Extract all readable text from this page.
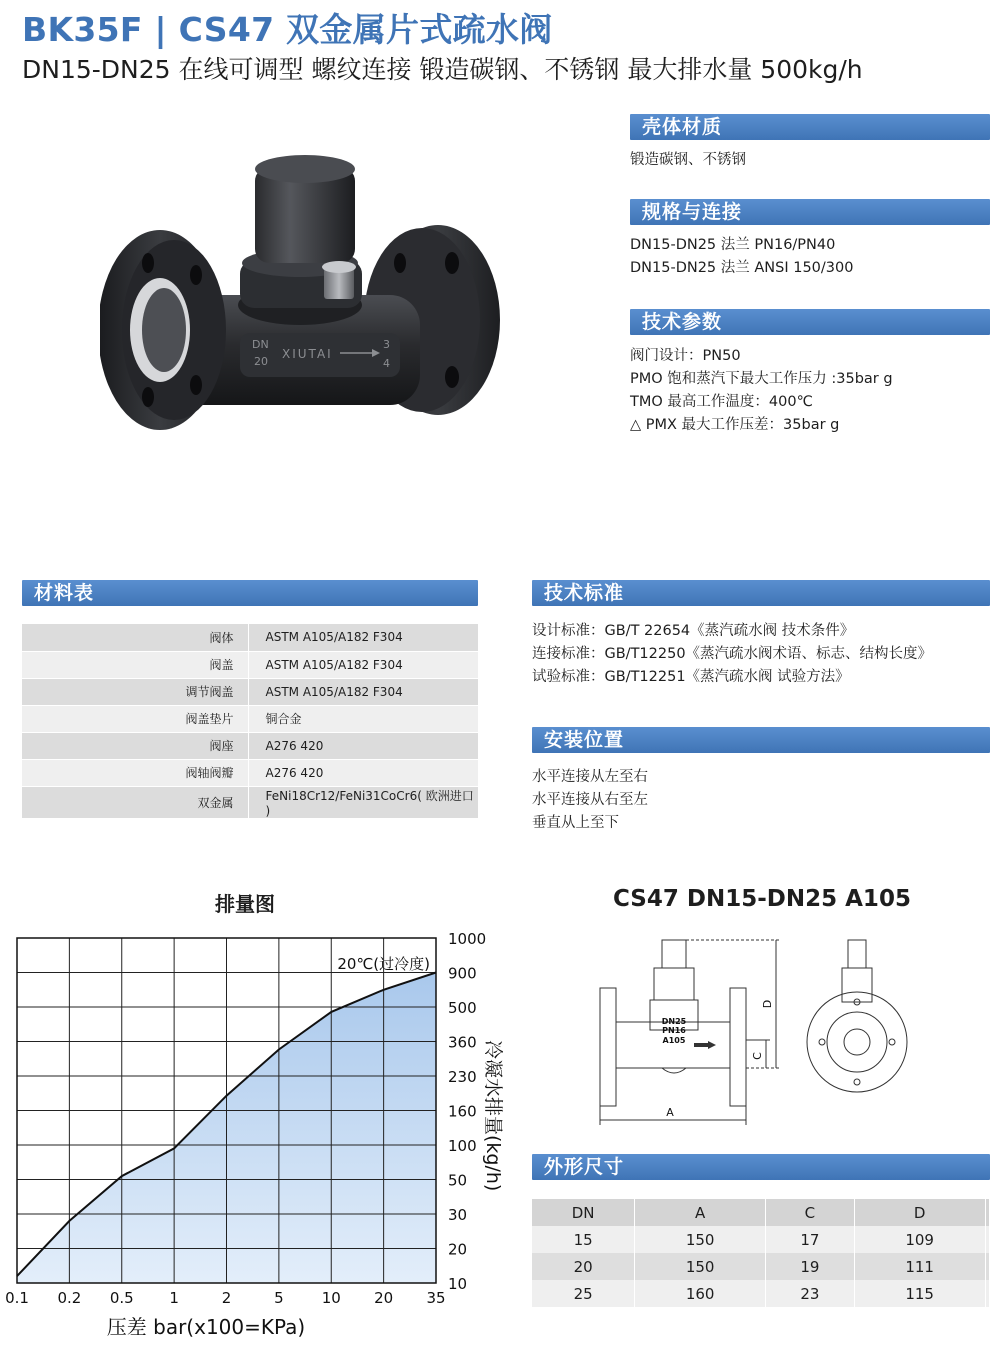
BK35F | CS47 双金属片式疏水阀
DN15-DN25 在线可调型 螺纹连接 锻造碳钢、不锈钢 最大排水量 500kg/h
DN
20
XIUTAI
3
4
壳体材质
锻造碳钢、不锈钢
规格与连接
DN15-DN25 法兰 PN16/PN40
DN15-DN25 法兰 ANSI 150/300
技术参数
阀门设计：PN50
PMO 饱和蒸汽下最大工作压力 :35bar g
TMO 最高工作温度：400℃
△ PMX 最大工作压差：35bar g
材料表
阀体	ASTM A105/A182 F304
阀盖	ASTM A105/A182 F304
调节阀盖	ASTM A105/A182 F304
阀盖垫片	铜合金
阀座	A276 420
阀轴阀瓣	A276 420
双金属	FeNi18Cr12/FeNi31CoCr6( 欧洲进口 )
技术标准
设计标准：GB/T 22654《蒸汽疏水阀 技术条件》
连接标准：GB/T12250《蒸汽疏水阀术语、标志、结构长度》
试验标准：GB/T12251《蒸汽疏水阀 试验方法》
安装位置
水平连接从左至右
水平连接从右至左
垂直从上至下
排量图
0.1 0.2 0.5 1	2	5	10 20 35
10
20
30
50
100
160
230
360
500
900
1000
20℃(过冷度)
压差 bar(x100=KPa)
冷凝水排量(kg/h)
CS47 DN15-DN25 A105
DN25
PN16
A105
A
C
D
外形尺寸
DN	A	C	D	
15	150	17	109	
20	150	19	111	
25	160	23	115	
